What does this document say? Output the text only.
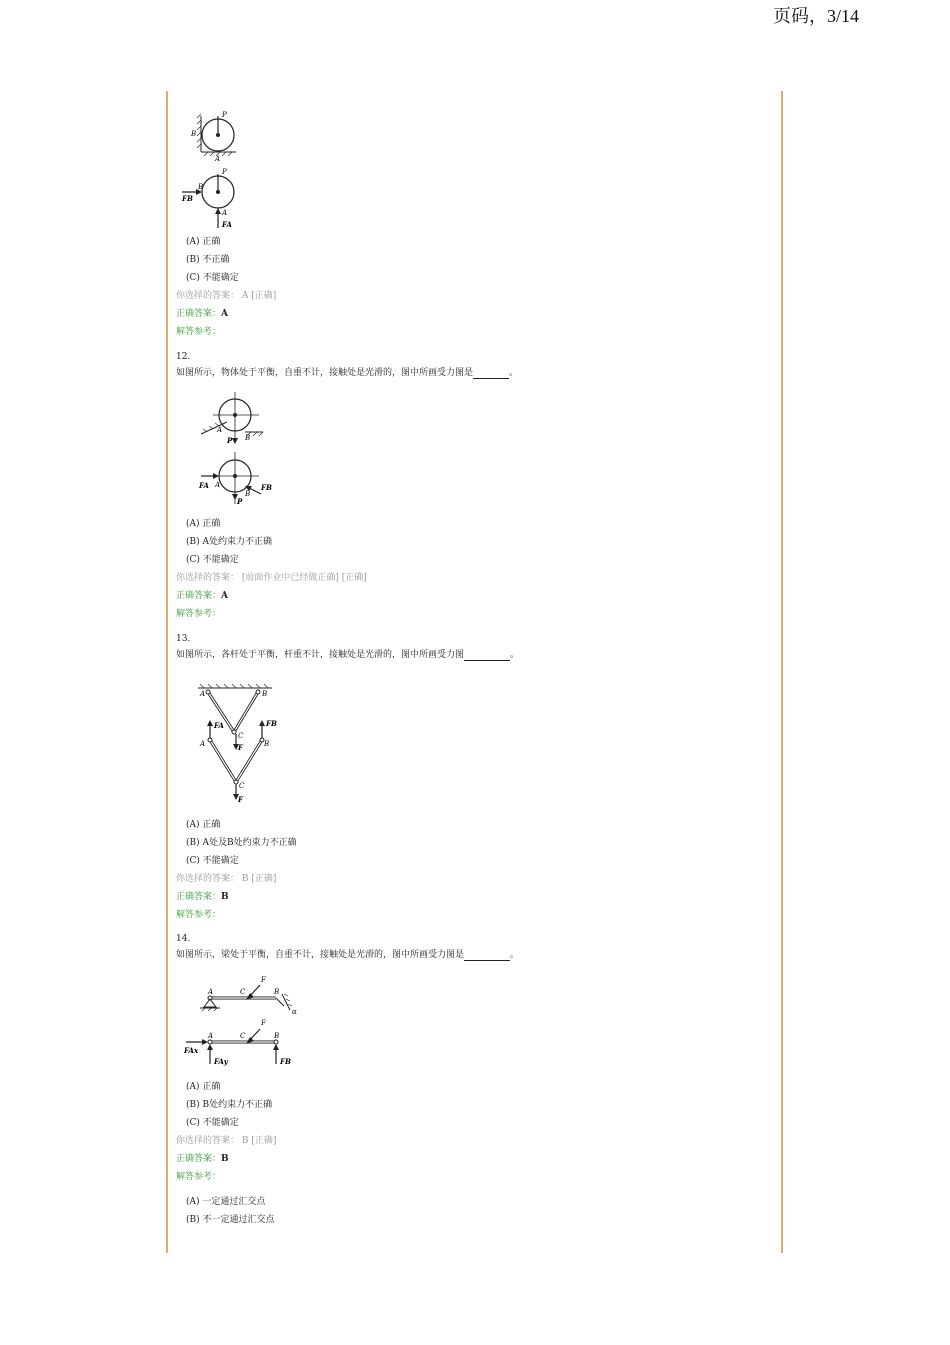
页码，3/14
P
B
A
P
B
FB
A
FA
(A) 正确
(B) 不正确
(C) 不能确定
你选择的答案： A [正确]
正确答案：A
解答参考：
12.
如图所示，物体处于平衡，自重不计，接触处是光滑的，图中所画受力图是	。
A
B
P
FA A
B
FB
P
(A) 正确
(B) A处约束力不正确
(C) 不能确定
你选择的答案： [前面作业中已经做正确] [正确]
正确答案：A
解答参考：
13.
如图所示，各杆处于平衡，杆重不计，接触处是光滑的，图中所画受力图	。
A	B
FA	FB
C
F
A	B
C
F
(A) 正确
(B) A处及B处约束力不正确
(C) 不能确定
你选择的答案： B [正确]
正确答案：B
解答参考：
14.
如图所示，梁处于平衡，自重不计，接触处是光滑的，图中所画受力图是	。
A	C
F
B
α
A	C
F
B
FAx
FAy	FB
(A) 正确
(B) B处约束力不正确
(C) 不能确定
你选择的答案： B [正确]
正确答案：B
解答参考：
(A) 一定通过汇交点
(B) 不一定通过汇交点
